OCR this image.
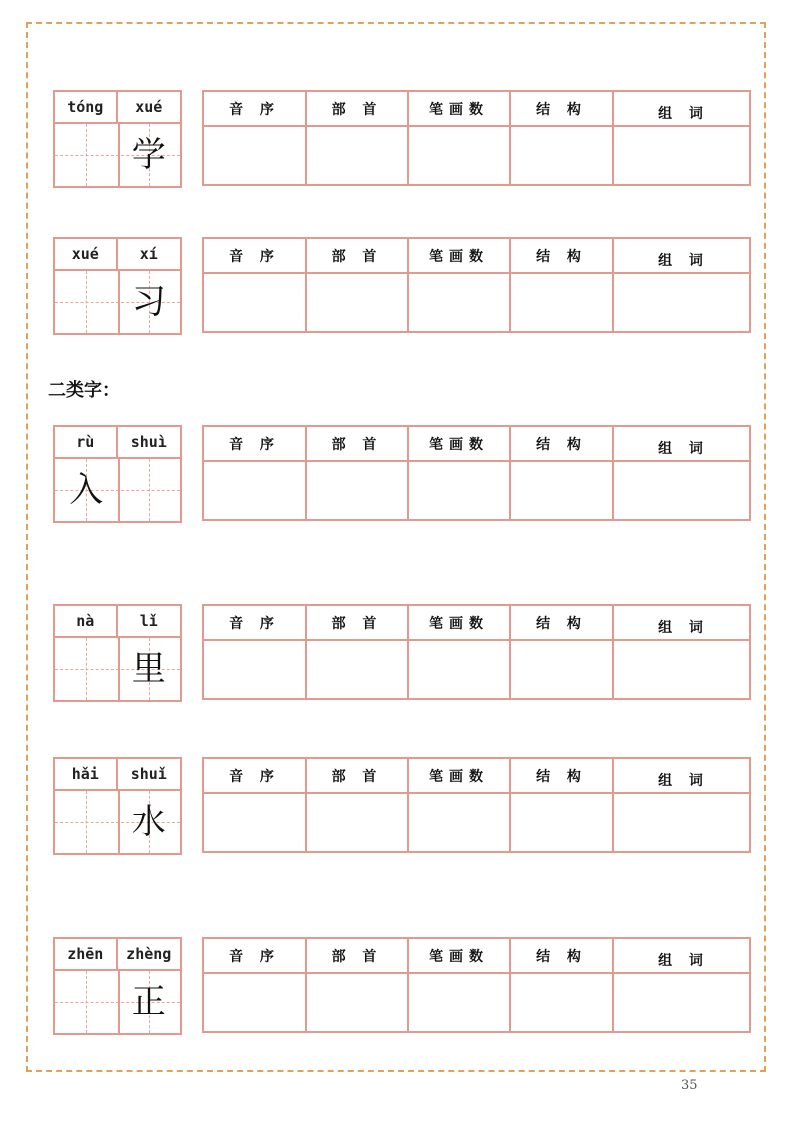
二类字：
tóng	xué
学
音 序	部 首	笔画数	结 构	组 词
xué	xí
习
音 序	部 首	笔画数	结 构	组 词
rù	shuì
入
音 序	部 首	笔画数	结 构	组 词
nà	lǐ
里
音 序	部 首	笔画数	结 构	组 词
hǎi	shuǐ
水
音 序	部 首	笔画数	结 构	组 词
zhēn	zhèng
正
音 序	部 首	笔画数	结 构	组 词
35
